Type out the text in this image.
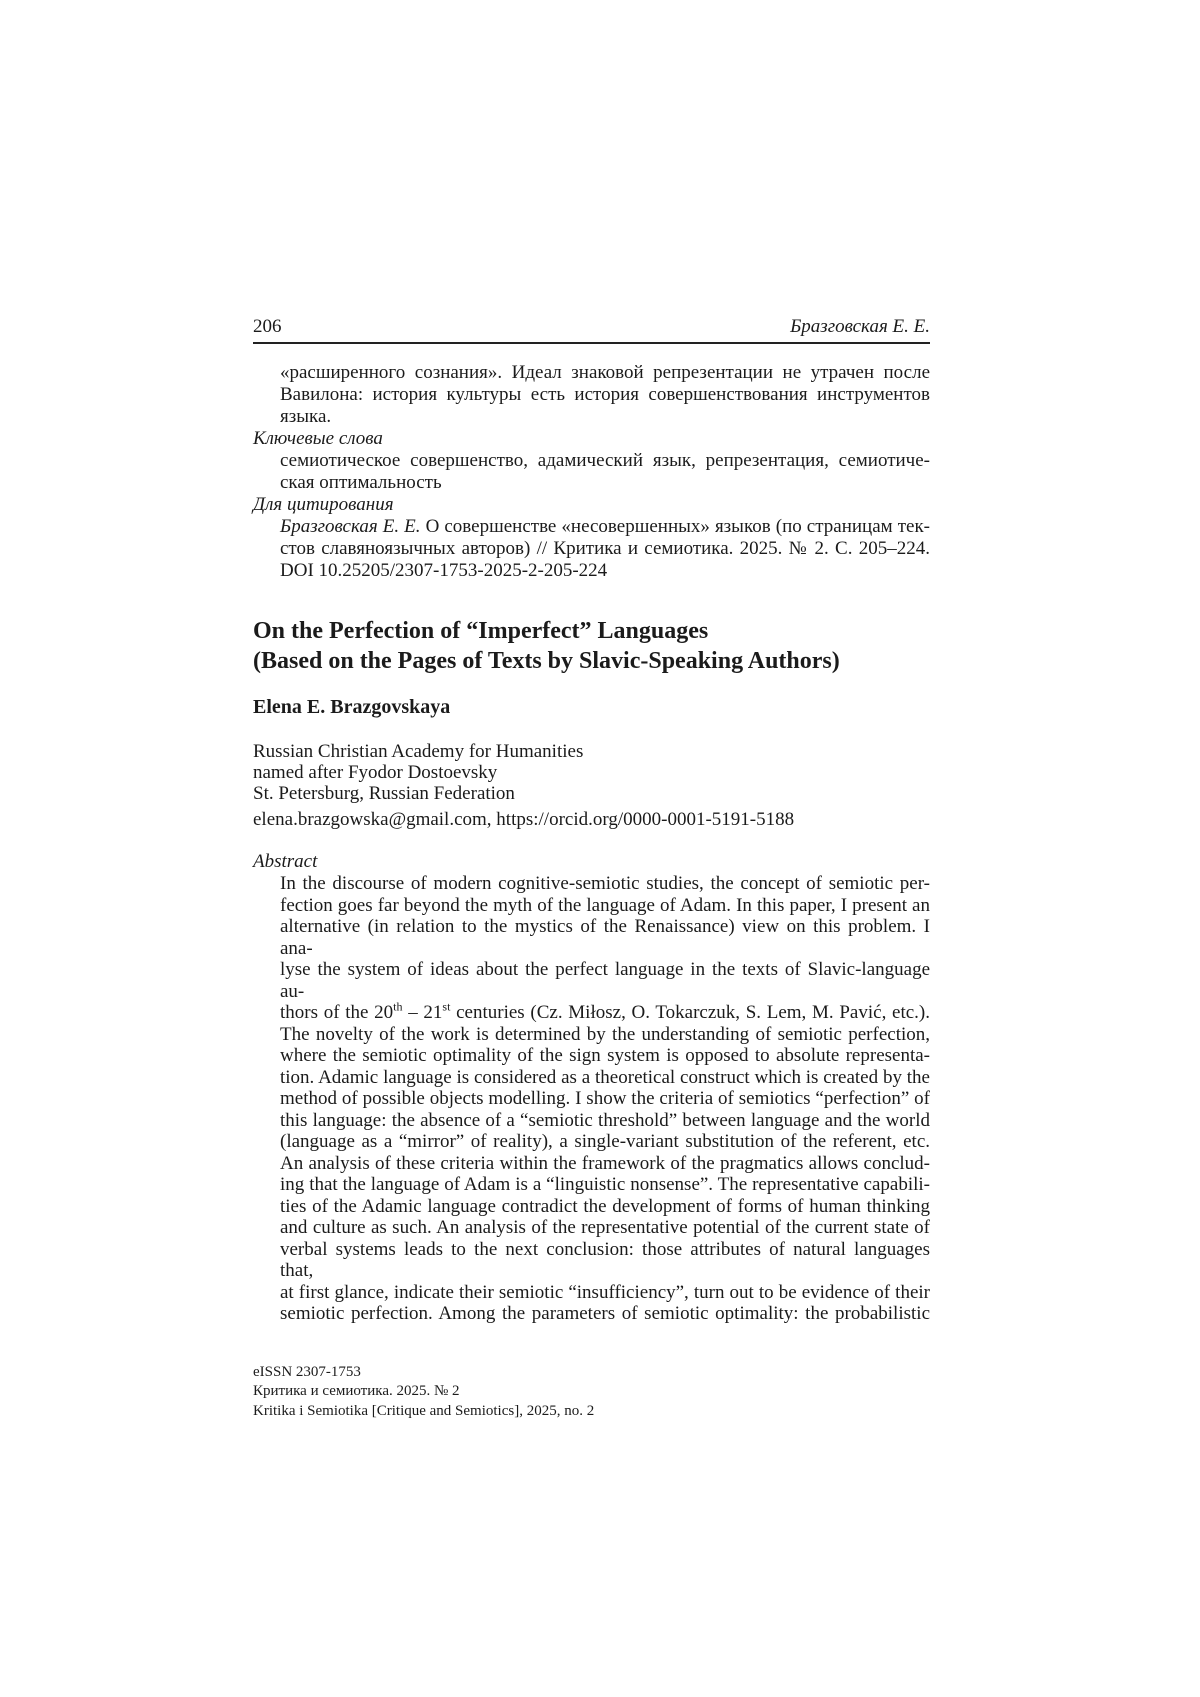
206	Бразговская Е. Е.
«расширенного сознания». Идеал знаковой репрезентации не утрачен после
Вавилона: история культуры есть история совершенствования инструментов
языка.
Ключевые слова
семиотическое совершенство, адамический язык, репрезентация, семиотиче-
ская оптимальность
Для цитирования
Бразговская Е. Е. О совершенстве «несовершенных» языков (по страницам тек-
стов славяноязычных авторов) // Критика и семиотика. 2025. № 2. С. 205–224.
DOI 10.25205/2307-1753-2025-2-205-224
On the Perfection of “Imperfect” Languages
(Based on the Pages of Texts by Slavic-Speaking Authors)
Elena E. Brazgovskaya
Russian Christian Academy for Humanities
named after Fyodor Dostoevsky
St. Petersburg, Russian Federation
elena.brazgowska@gmail.com, https://orcid.org/0000-0001-5191-5188
Abstract
In the discourse of modern cognitive-semiotic studies, the concept of semiotic per-
fection goes far beyond the myth of the language of Adam. In this paper, I present an
alternative (in relation to the mystics of the Renaissance) view on this problem. I ana-
lyse the system of ideas about the perfect language in the texts of Slavic-language au-
thors of the 20th – 21st centuries (Cz. Miłosz, O. Tokarczuk, S. Lem, M. Pavić, etc.).
The novelty of the work is determined by the understanding of semiotic perfection,
where the semiotic optimality of the sign system is opposed to absolute representa-
tion. Adamic language is considered as a theoretical construct which is created by the
method of possible objects modelling. I show the criteria of semiotics “perfection” of
this language: the absence of a “semiotic threshold” between language and the world
(language as a “mirror” of reality), a single-variant substitution of the referent, etc.
An analysis of these criteria within the framework of the pragmatics allows conclud-
ing that the language of Adam is a “linguistic nonsense”. The representative capabili-
ties of the Adamic language contradict the development of forms of human thinking
and culture as such. An analysis of the representative potential of the current state of
verbal systems leads to the next conclusion: those attributes of natural languages that,
at first glance, indicate their semiotic “insufficiency”, turn out to be evidence of their
semiotic perfection. Among the parameters of semiotic optimality: the probabilistic
eISSN 2307-1753
Критика и семиотика. 2025. № 2
Kritika i Semiotika [Critique and Semiotics], 2025, no. 2
